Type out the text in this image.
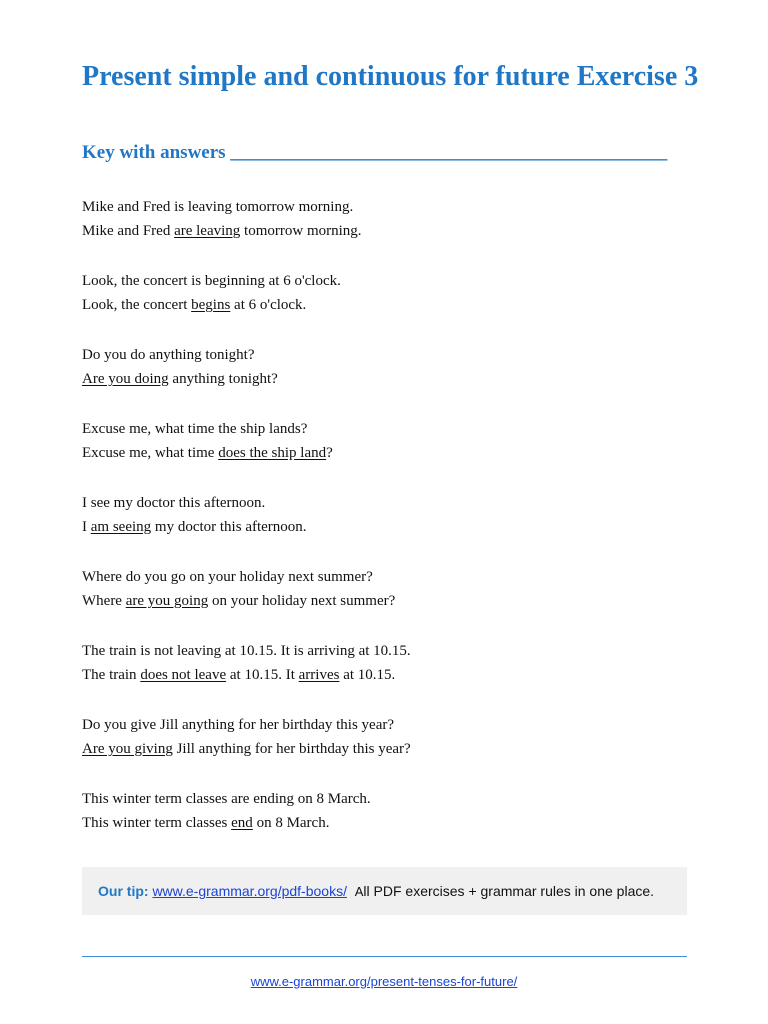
Present simple and continuous for future Exercise 3
Key with answers ______________________________________________
Mike and Fred is leaving tomorrow morning.
Mike and Fred are leaving tomorrow morning.
Look, the concert is beginning at 6 o'clock.
Look, the concert begins at 6 o'clock.
Do you do anything tonight?
Are you doing anything tonight?
Excuse me, what time the ship lands?
Excuse me, what time does the ship land?
I see my doctor this afternoon.
I am seeing my doctor this afternoon.
Where do you go on your holiday next summer?
Where are you going on your holiday next summer?
The train is not leaving at 10.15. It is arriving at 10.15.
The train does not leave at 10.15. It arrives at 10.15.
Do you give Jill anything for her birthday this year?
Are you giving Jill anything for her birthday this year?
This winter term classes are ending on 8 March.
This winter term classes end on 8 March.
Our tip: www.e-grammar.org/pdf-books/ All PDF exercises + grammar rules in one place.
www.e-grammar.org/present-tenses-for-future/
